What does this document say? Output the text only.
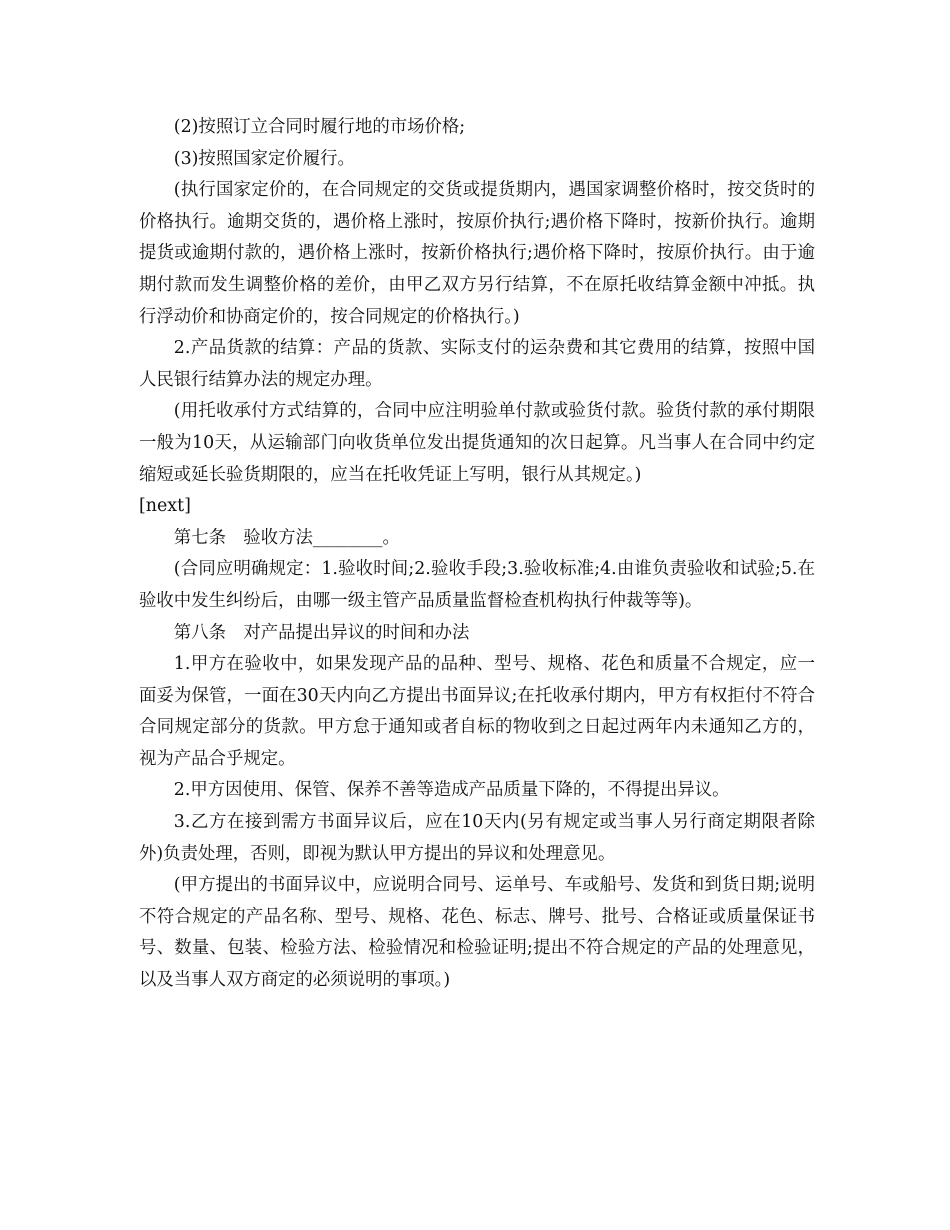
(2)按照订立合同时履行地的市场价格;

(3)按照国家定价履行。

(执行国家定价的，在合同规定的交货或提货期内，遇国家调整价格时，按交货时的价格执行。逾期交货的，遇价格上涨时，按原价执行;遇价格下降时，按新价执行。逾期提货或逾期付款的，遇价格上涨时，按新价格执行;遇价格下降时，按原价执行。由于逾期付款而发生调整价格的差价，由甲乙双方另行结算，不在原托收结算金额中冲抵。执行浮动价和协商定价的，按合同规定的价格执行。)

2.产品货款的结算：产品的货款、实际支付的运杂费和其它费用的结算，按照中国人民银行结算办法的规定办理。

(用托收承付方式结算的，合同中应注明验单付款或验货付款。验货付款的承付期限一般为10天，从运输部门向收货单位发出提货通知的次日起算。凡当事人在合同中约定缩短或延长验货期限的，应当在托收凭证上写明，银行从其规定。)

[next]

第七条　验收方法________。

(合同应明确规定：1.验收时间;2.验收手段;3.验收标准;4.由谁负责验收和试验;5.在验收中发生纠纷后，由哪一级主管产品质量监督检查机构执行仲裁等等)。

第八条　对产品提出异议的时间和办法

1.甲方在验收中，如果发现产品的品种、型号、规格、花色和质量不合规定，应一面妥为保管，一面在30天内向乙方提出书面异议;在托收承付期内，甲方有权拒付不符合合同规定部分的货款。甲方怠于通知或者自标的物收到之日起过两年内未通知乙方的，视为产品合乎规定。

2.甲方因使用、保管、保养不善等造成产品质量下降的，不得提出异议。

3.乙方在接到需方书面异议后，应在10天内(另有规定或当事人另行商定期限者除外)负责处理，否则，即视为默认甲方提出的异议和处理意见。

(甲方提出的书面异议中，应说明合同号、运单号、车或船号、发货和到货日期;说明不符合规定的产品名称、型号、规格、花色、标志、牌号、批号、合格证或质量保证书号、数量、包装、检验方法、检验情况和检验证明;提出不符合规定的产品的处理意见，以及当事人双方商定的必须说明的事项。)
